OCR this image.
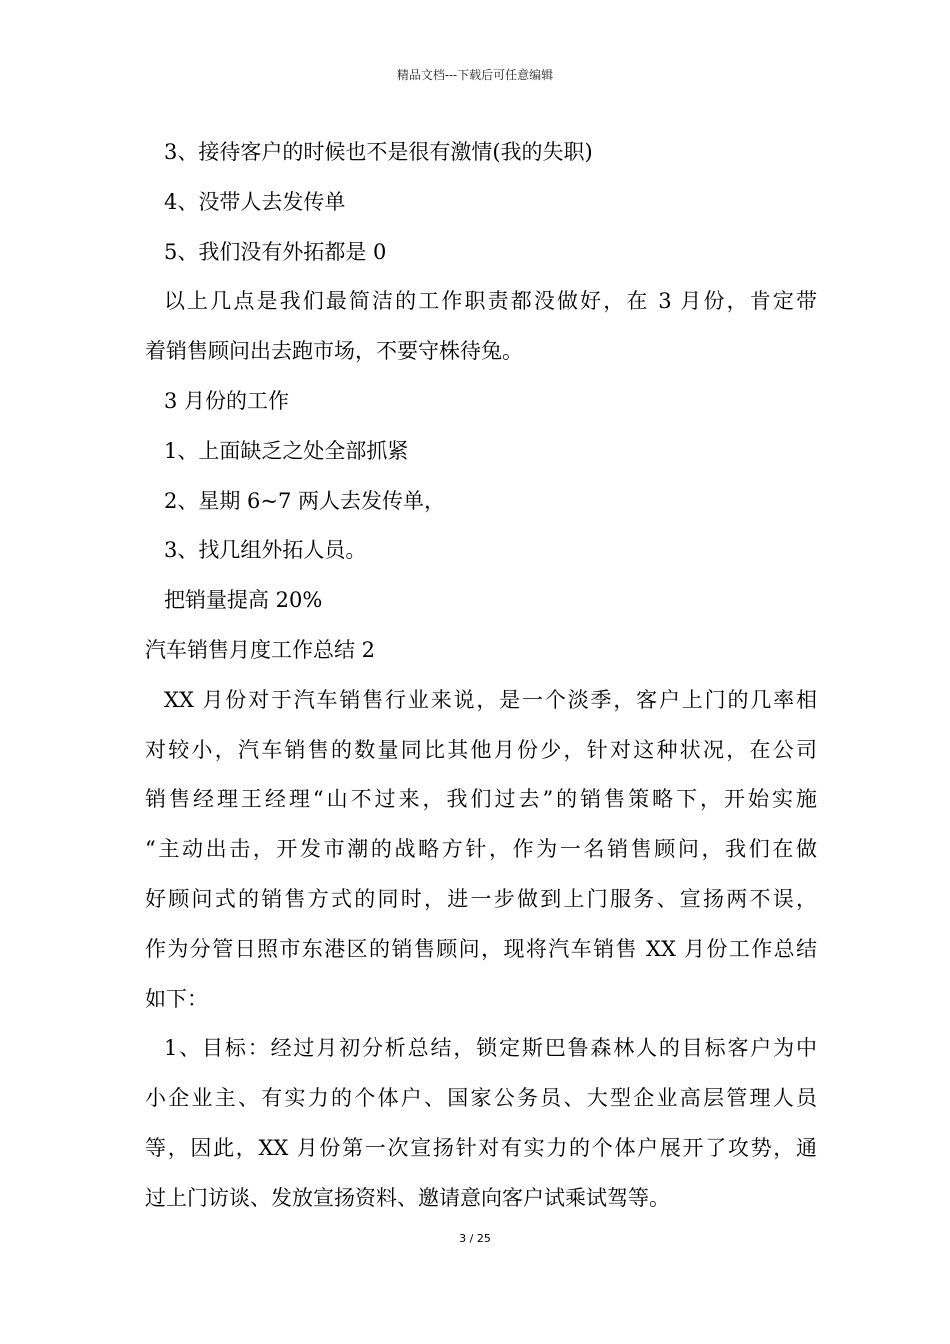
精品文档---下载后可任意编辑
3、接待客户的时候也不是很有激情(我的失职)
4、没带人去发传单
5、我们没有外拓都是 0
以上几点是我们最简洁的工作职责都没做好，在 3 月份，肯定带
着销售顾问出去跑市场，不要守株待兔。
3 月份的工作
1、上面缺乏之处全部抓紧
2、星期 6~7 两人去发传单，
3、找几组外拓人员。
把销量提高 20%
汽车销售月度工作总结 2
XX 月份对于汽车销售行业来说，是一个淡季，客户上门的几率相
对较小，汽车销售的数量同比其他月份少，针对这种状况，在公司
销售经理王经理“山不过来，我们过去”的销售策略下，开始实施
“主动出击，开发市潮的战略方针，作为一名销售顾问，我们在做
好顾问式的销售方式的同时，进一步做到上门服务、宣扬两不误，
作为分管日照市东港区的销售顾问，现将汽车销售 XX 月份工作总结
如下：
1、目标：经过月初分析总结，锁定斯巴鲁森林人的目标客户为中
小企业主、有实力的个体户、国家公务员、大型企业高层管理人员
等，因此，XX 月份第一次宣扬针对有实力的个体户展开了攻势，通
过上门访谈、发放宣扬资料、邀请意向客户试乘试驾等。
3 / 25
